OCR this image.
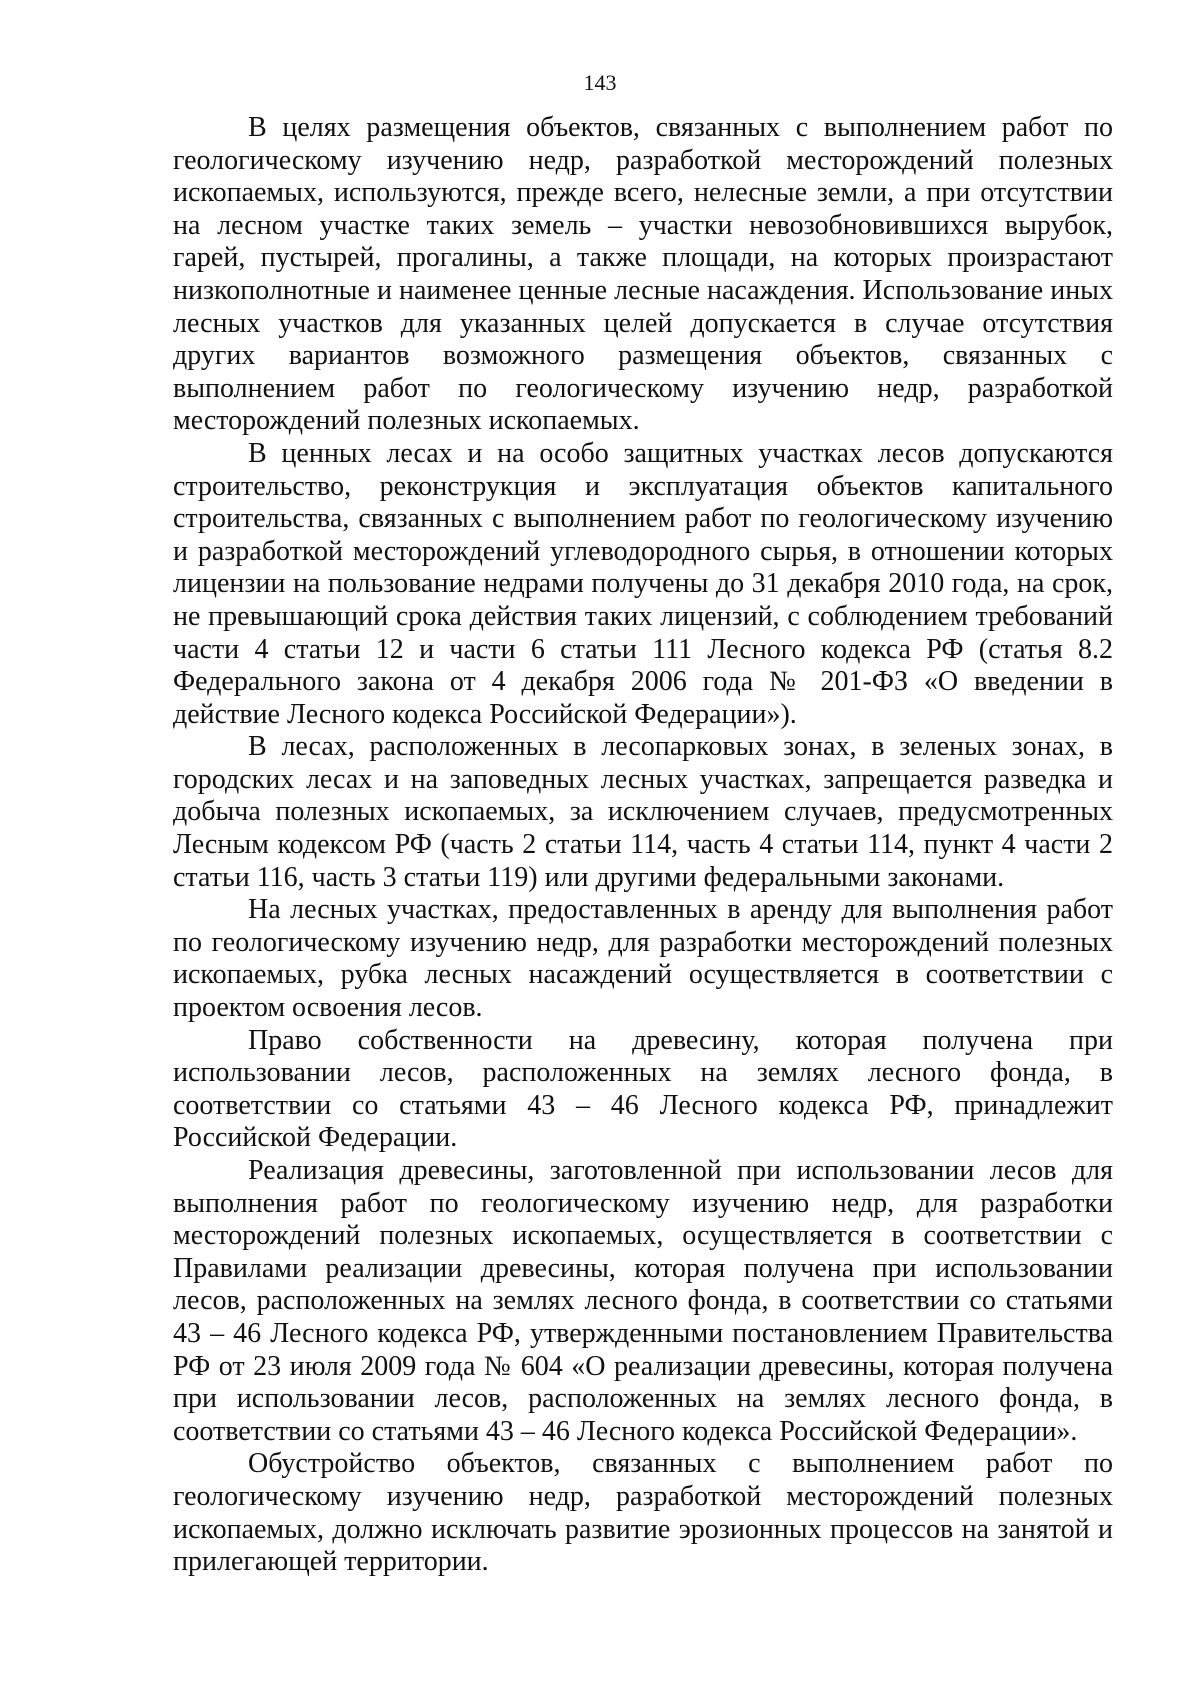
143

В целях размещения объектов, связанных с выполнением работ по геологическому изучению недр, разработкой месторождений полезных ископаемых, используются, прежде всего, нелесные земли, а при отсутствии на лесном участке таких земель – участки невозобновившихся вырубок, гарей, пустырей, прогалины, а также площади, на которых произрастают низкополнотные и наименее ценные лесные насаждения. Использование иных лесных участков для указанных целей допускается в случае отсутствия других вариантов возможного размещения объектов, связанных с выполнением работ по геологическому изучению недр, разработкой месторождений полезных ископаемых.

В ценных лесах и на особо защитных участках лесов допускаются строительство, реконструкция и эксплуатация объектов капитального строительства, связанных с выполнением работ по геологическому изучению и разработкой месторождений углеводородного сырья, в отношении которых лицензии на пользование недрами получены до 31 декабря 2010 года, на срок, не превышающий срока действия таких лицензий, с соблюдением требований части 4 статьи 12 и части 6 статьи 111 Лесного кодекса РФ (статья 8.2 Федерального закона от 4 декабря 2006 года № 201-ФЗ «О введении в действие Лесного кодекса Российской Федерации»).

В лесах, расположенных в лесопарковых зонах, в зеленых зонах, в городских лесах и на заповедных лесных участках, запрещается разведка и добыча полезных ископаемых, за исключением случаев, предусмотренных Лесным кодексом РФ (часть 2 статьи 114, часть 4 статьи 114, пункт 4 части 2 статьи 116, часть 3 статьи 119) или другими федеральными законами.

На лесных участках, предоставленных в аренду для выполнения работ по геологическому изучению недр, для разработки месторождений полезных ископаемых, рубка лесных насаждений осуществляется в соответствии с проектом освоения лесов.

Право собственности на древесину, которая получена при использовании лесов, расположенных на землях лесного фонда, в соответствии со статьями 43 – 46 Лесного кодекса РФ, принадлежит Российской Федерации.

Реализация древесины, заготовленной при использовании лесов для выполнения работ по геологическому изучению недр, для разработки месторождений полезных ископаемых, осуществляется в соответствии с Правилами реализации древесины, которая получена при использовании лесов, расположенных на землях лесного фонда, в соответствии со статьями 43 – 46 Лесного кодекса РФ, утвержденными постановлением Правительства РФ от 23 июля 2009 года № 604 «О реализации древесины, которая получена при использовании лесов, расположенных на землях лесного фонда, в соответствии со статьями 43 – 46 Лесного кодекса Российской Федерации».

Обустройство объектов, связанных с выполнением работ по геологическому изучению недр, разработкой месторождений полезных ископаемых, должно исключать развитие эрозионных процессов на занятой и прилегающей территории.
